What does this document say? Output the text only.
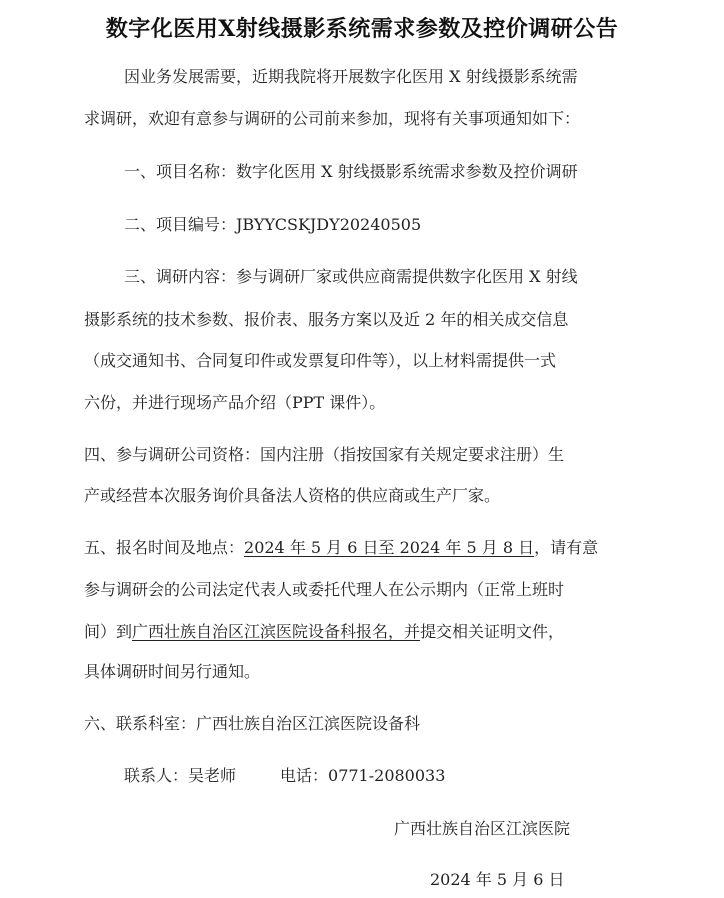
数字化医用X射线摄影系统需求参数及控价调研公告
因业务发展需要，近期我院将开展数字化医用 X 射线摄影系统需
求调研，欢迎有意参与调研的公司前来参加，现将有关事项通知如下：
一、项目名称：数字化医用 X 射线摄影系统需求参数及控价调研
二、项目编号：JBYYCSKJDY20240505
三、调研内容：参与调研厂家或供应商需提供数字化医用 X 射线
摄影系统的技术参数、报价表、服务方案以及近 2 年的相关成交信息
（成交通知书、合同复印件或发票复印件等），以上材料需提供一式
六份，并进行现场产品介绍（PPT 课件）。
四、参与调研公司资格：国内注册（指按国家有关规定要求注册）生
产或经营本次服务询价具备法人资格的供应商或生产厂家。
五、报名时间及地点：2024 年 5 月 6 日至 2024 年 5 月 8 日，请有意
参与调研会的公司法定代表人或委托代理人在公示期内（正常上班时
间）到广西壮族自治区江滨医院设备科报名，并提交相关证明文件，
具体调研时间另行通知。
六、联系科室：广西壮族自治区江滨医院设备科
联系人：吴老师	电话：0771-2080033
广西壮族自治区江滨医院
2024 年 5 月 6 日
